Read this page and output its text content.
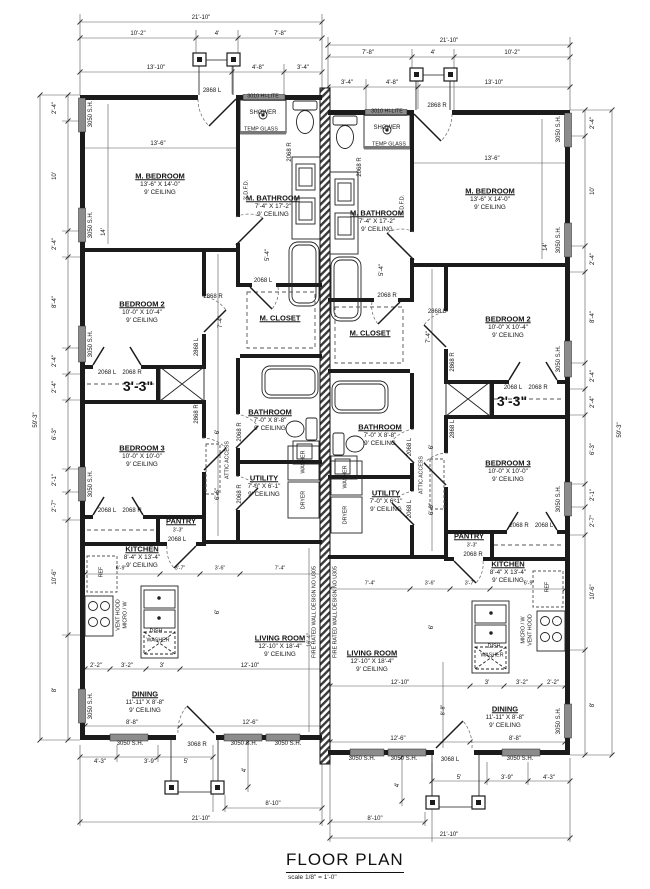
21'-10"
10'-2"	4'	7'-8"
13'-10"	4'-8"	3'-4"
21'-10"
7'-8"	4'	10'-2"
3'-4"	4'-8"	13'-10"
2'-4"
10'
2'-4"
8'-4"
2'-4"
2'-4"
6'-3"
2'-1"
2'-7"
10'-6"
8'
59'-3"
2'-4"
10'
2'-4"
8'-4"
2'-4"
2'-4"
6'-3"
2'-1"
2'-7"
10'-6"
8'
59'-3"
2'-2"	3'-2"	3'	12'-10"
8'-8"	12'-6"
3050 S.H.	3068 R	3050 S.H.	3050 S.H.
4'-3"	3'-9"	5'
4'
8'-10"
21'-10"
12'-10"	3'	3'-2"	2'-2"
12'-6"	8'-8"
3050 S.H.	3050 S.H.	3068 L	3050 S.H.
4'
5'	3'-9"	4'-3"
8'-10"
21'-10"
3050 S.H.
3050 S.H.
3050 S.H.
3050 S.H.
3050 S.H.
3050 S.H.
3050 S.H.
3050 S.H.
3050 S.H.
3050 S.H.
2868 L
3010 HI-LITE
SHOWER
TEMP GLASS
2068 R
3' D.F.D.
M. BATHROOM
7'-4" X 17'-2"
9' CEILING
M. BEDROOM
13'-6" X 14'-0"
9' CEILING
13'-6"
14'
5'-4"
2068 L
M. CLOSET
2868 R
2868 L
BEDROOM 2
10'-0" X 10'-4"
9' CEILING	7'-4"
2068 L 2068 R
3'-3"
2868 R	BATHROOM
7'-0" X 8'-8"
9' CEILING
BEDROOM 3
10'-0" X 10'-0"
9' CEILING	ATTIC ACCESS
2068 R
2068 R
UTILITY
7'-0" X 6'-1"
9' CEILING
WASHER
DRYER
2068 L 2068 R
PANTRY
3'-3"
2068 L
KITCHEN
8'-4" X 13'-4"
9' CEILING
REF
VENT HOOD MICRO / W
DISH
WASHER
6'-9"	3'-7"	3'-6"	7'-4"
6'
6'-6"
6'
LIVING ROOM
12'-10" X 18'-4"
9' CEILING
16'-4" FIRE RATED WALL DESIGN NO U305
DINING
11'-11" X 8'-8"
9' CEILING
2868 R
3010 HI-LITE
SHOWER
TEMP GLASS
2068 R
3' D.F.D.
M. BATHROOM
7'-4" X 17'-2"
9' CEILING
M. BEDROOM
13'-6" X 14'-0"
9' CEILING
13'-6"
14'
5'-4"
2068 R
M. CLOSET
2868 L
2868 R
BEDROOM 2
10'-0" X 10'-4"
9' CEILING
7'-4"
2068 L 2068 R
3'-3"
2868 L
BATHROOM
7'-0" X 8'-8"
9' CEILING
BEDROOM 3
10'-0" X 10'-0"
9' CEILING
ATTIC ACCESS
2068 L
2068 L
UTILITY
7'-0" X 6'-1"
9' CEILING
WASHER
DRYER
2068 R 2068 L
PANTRY
3'-3"
2068 R
KITCHEN
8'-4" X 13'-4"
9' CEILING
REF
VENT HOOD
MICRO / W
DISH
WASHER
7'-4"	3'-6"	3'-7"	6'-9"
6'
6'-6"
6'
8'-8"
LIVING ROOM
12'-10" X 18'-4"
9' CEILING
FIRE RATED WALL DESIGN NO U305
DINING
11'-11" X 8'-8"
9' CEILING
FLOOR PLAN
scale 1/8" = 1'-0"
